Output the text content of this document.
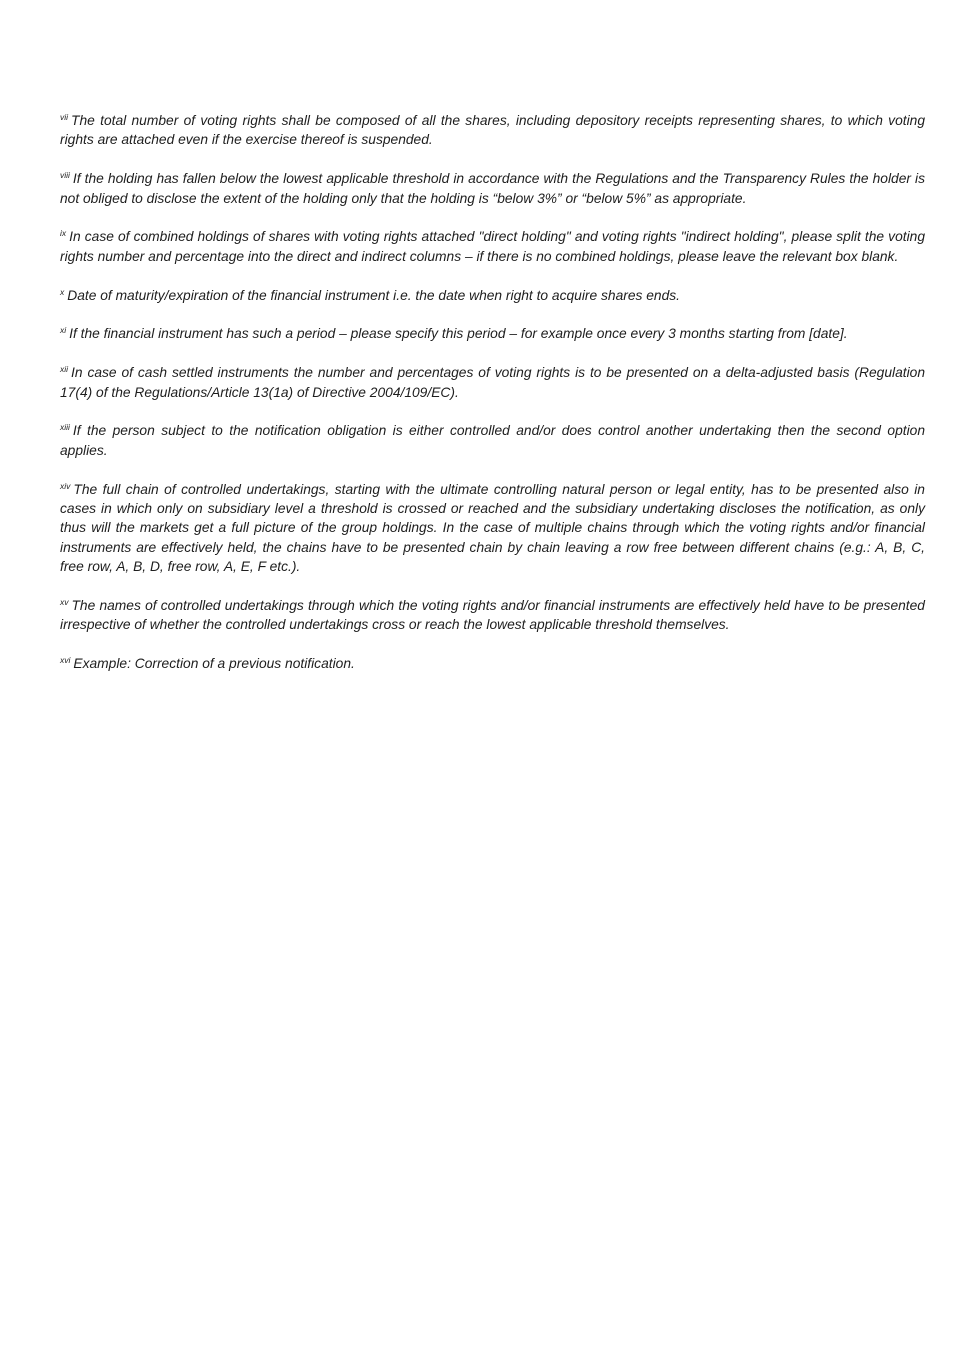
$^{vii}$ The total number of voting rights shall be composed of all the shares, including depository receipts representing shares, to which voting rights are attached even if the exercise thereof is suspended.

$^{viii}$ If the holding has fallen below the lowest applicable threshold in accordance with the Regulations and the Transparency Rules the holder is not obliged to disclose the extent of the holding only that the holding is “below 3%” or “below 5%” as appropriate.

$^{ix}$ In case of combined holdings of shares with voting rights attached "direct holding" and voting rights "indirect holding", please split the voting rights number and percentage into the direct and indirect columns – if there is no combined holdings, please leave the relevant box blank.

$^x$ Date of maturity/expiration of the financial instrument i.e. the date when right to acquire shares ends.

$^{xi}$ If the financial instrument has such a period – please specify this period – for example once every 3 months starting from [date].

$^{xii}$ In case of cash settled instruments the number and percentages of voting rights is to be presented on a delta-adjusted basis (Regulation 17(4) of the Regulations/Article 13(1a) of Directive 2004/109/EC).

$^{xiii}$ If the person subject to the notification obligation is either controlled and/or does control another undertaking then the second option applies.

$^{xiv}$ The full chain of controlled undertakings, starting with the ultimate controlling natural person or legal entity, has to be presented also in cases in which only on subsidiary level a threshold is crossed or reached and the subsidiary undertaking discloses the notification, as only thus will the markets get a full picture of the group holdings. In the case of multiple chains through which the voting rights and/or financial instruments are effectively held, the chains have to be presented chain by chain leaving a row free between different chains (e.g.: A, B, C, free row, A, B, D, free row, A, E, F etc.).

$^{xv}$ The names of controlled undertakings through which the voting rights and/or financial instruments are effectively held have to be presented irrespective of whether the controlled undertakings cross or reach the lowest applicable threshold themselves.

$^{xvi}$ Example: Correction of a previous notification.
